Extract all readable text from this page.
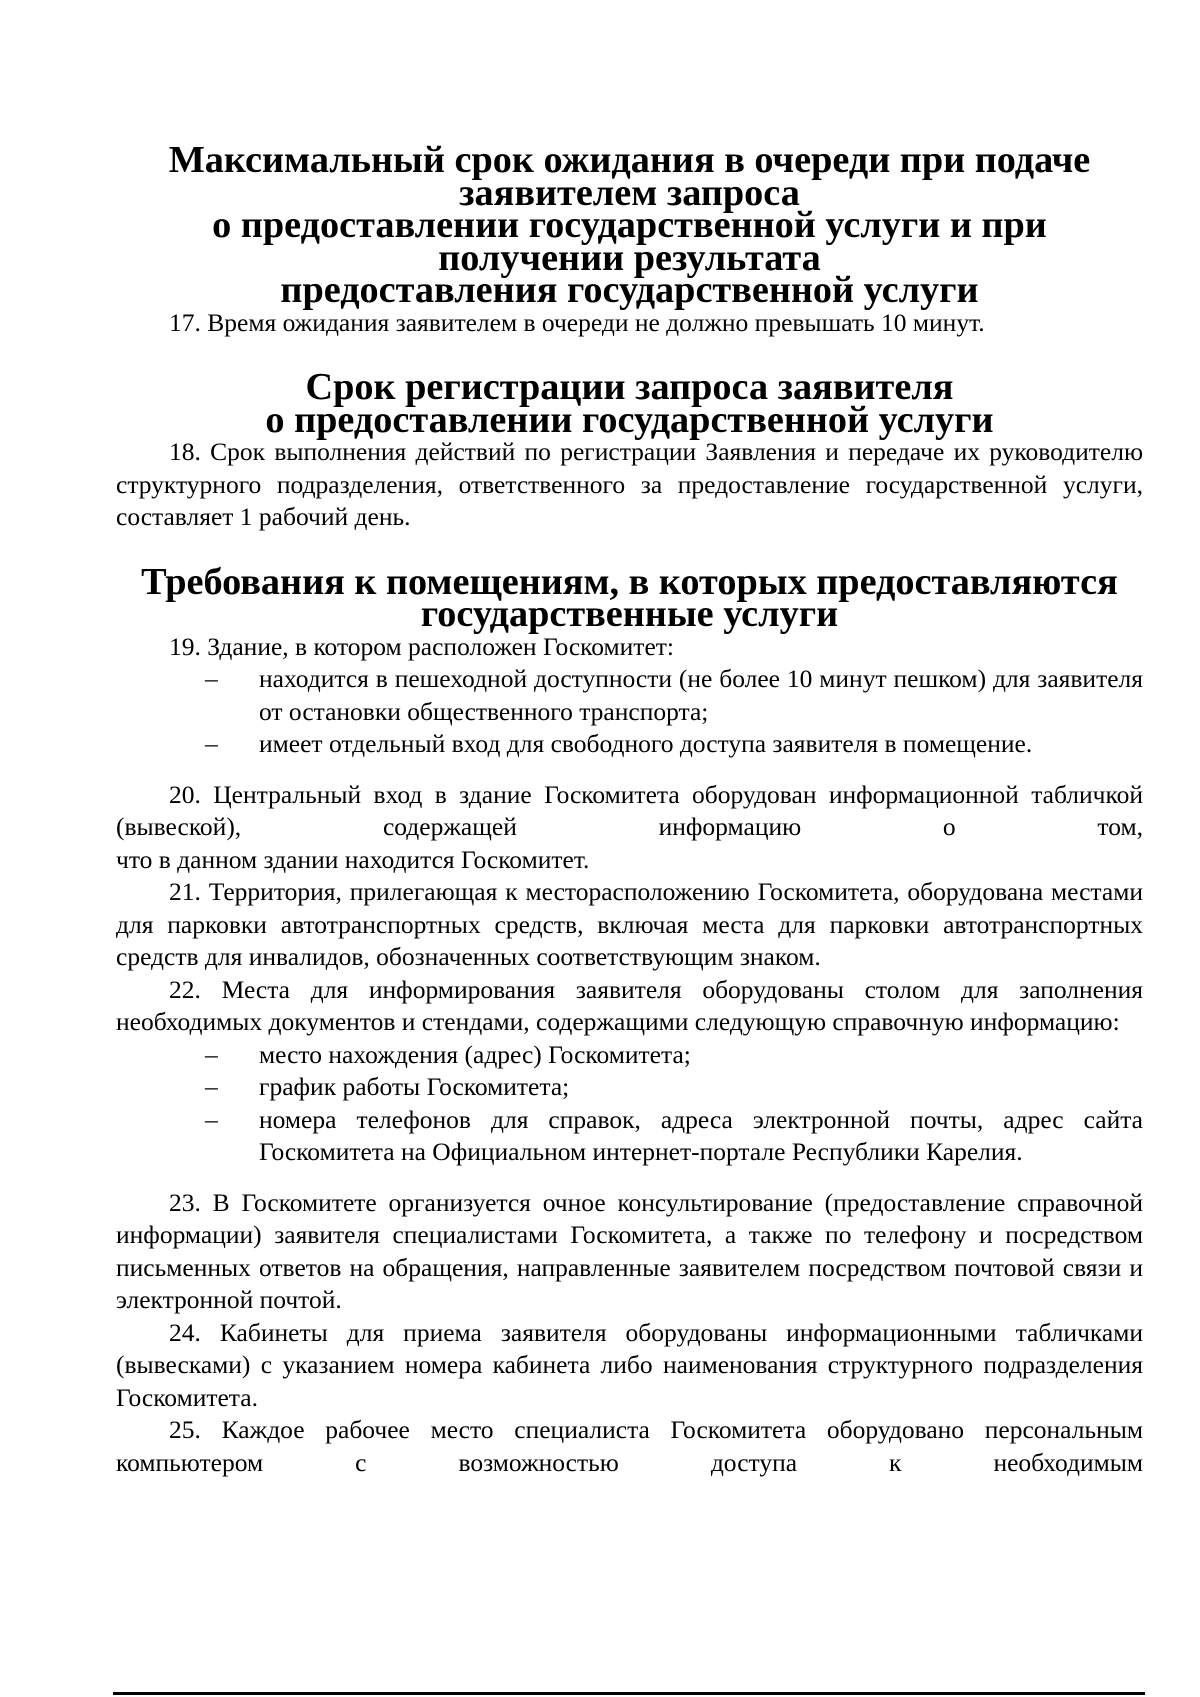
Максимальный срок ожидания в очереди при подаче заявителем запроса
о предоставлении государственной услуги и при получении результата
предоставления государственной услуги

17. Время ожидания заявителем в очереди не должно превышать 10 минут.

Срок регистрации запроса заявителя
о предоставлении государственной услуги

18. Срок выполнения действий по регистрации Заявления и передаче их руководителю структурного подразделения, ответственного за предоставление государственной услуги, составляет 1 рабочий день.

Требования к помещениям, в которых предоставляются
государственные услуги

19. Здание, в котором расположен Госкомитет:

– находится в пешеходной доступности (не более 10 минут пешком) для заявителя от остановки общественного транспорта;
– имеет отдельный вход для свободного доступа заявителя в помещение.

20. Центральный вход в здание Госкомитета оборудован информационной табличкой (вывеской), содержащей информацию о том,

что в данном здании находится Госкомитет.

21. Территория, прилегающая к месторасположению Госкомитета, оборудована местами для парковки автотранспортных средств, включая места для парковки автотранспортных средств для инвалидов, обозначенных соответствующим знаком.

22. Места для информирования заявителя оборудованы столом для заполнения необходимых документов и стендами, содержащими следующую справочную информацию:

– место нахождения (адрес) Госкомитета;
– график работы Госкомитета;
– номера телефонов для справок, адреса электронной почты, адрес сайта Госкомитета на Официальном интернет-портале Республики Карелия.

23. В Госкомитете организуется очное консультирование (предоставление справочной информации) заявителя специалистами Госкомитета, а также по телефону и посредством письменных ответов на обращения, направленные заявителем посредством почтовой связи и электронной почтой.

24. Кабинеты для приема заявителя оборудованы информационными табличками (вывесками) с указанием номера кабинета либо наименования структурного подразделения Госкомитета.

25. Каждое рабочее место специалиста Госкомитета оборудовано персональным компьютером с возможностью доступа к необходимым
